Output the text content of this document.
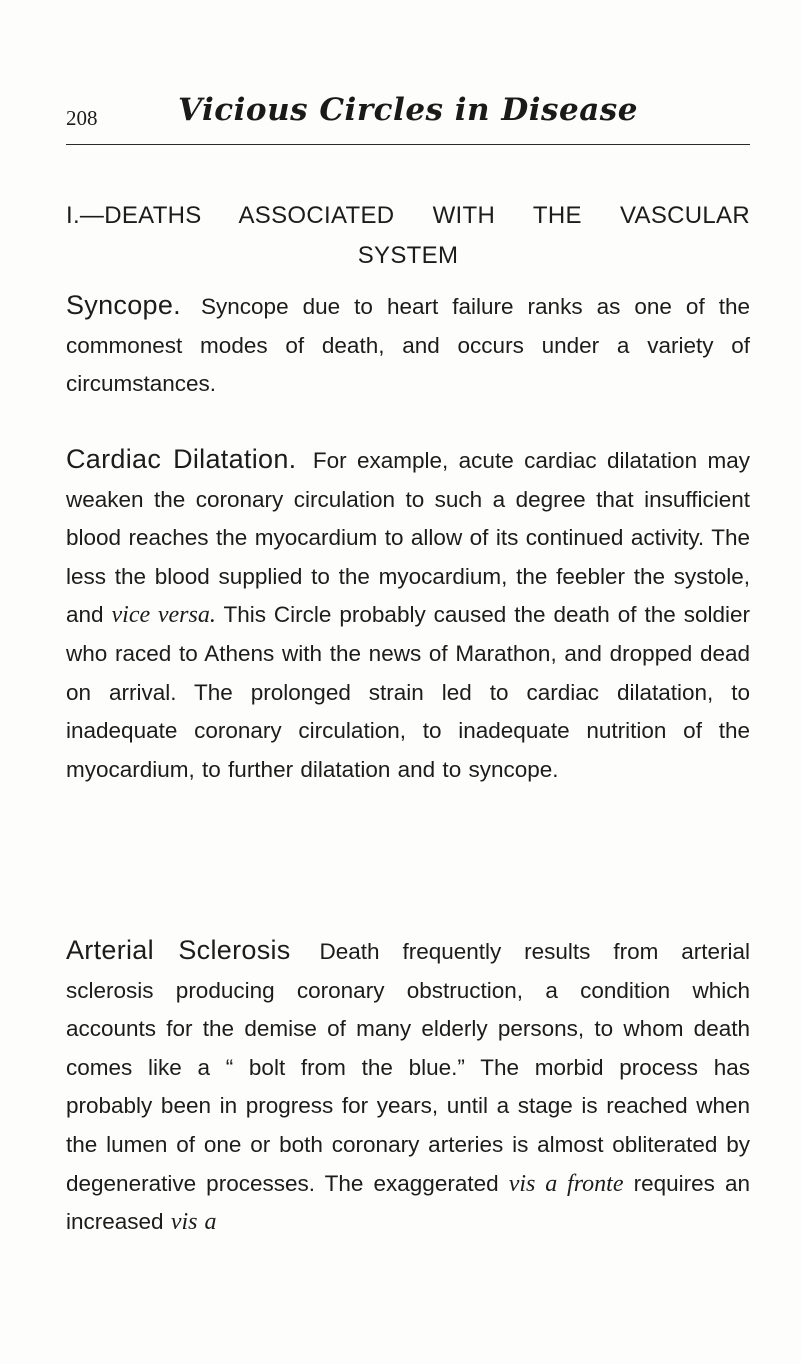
208	Vicious Circles in Disease
I.—DEATHS ASSOCIATED WITH THE VASCULAR
SYSTEM

Syncope. Syncope due to heart failure ranks as one of the commonest modes of death, and occurs under a variety of circumstances.

Cardiac Dilatation. For example, acute cardiac dilatation may weaken the coronary circulation to such a degree that insufficient blood reaches the myocardium to allow of its continued activity. The less the blood supplied to the myocardium, the feebler the systole, and vice versa. This Circle probably caused the death of the soldier who raced to Athens with the news of Marathon, and dropped dead on arrival. The prolonged strain led to cardiac dilatation, to inadequate coronary circulation, to inadequate nutrition of the myocardium, to further dilatation and to syncope.

Arterial Sclerosis Death frequently results from arterial sclerosis producing coronary obstruction, a condition which accounts for the demise of many elderly persons, to whom death comes like a “ bolt from the blue.” The morbid process has probably been in progress for years, until a stage is reached when the lumen of one or both coronary arteries is almost obliterated by degenerative processes. The exaggerated vis a fronte requires an increased vis a
